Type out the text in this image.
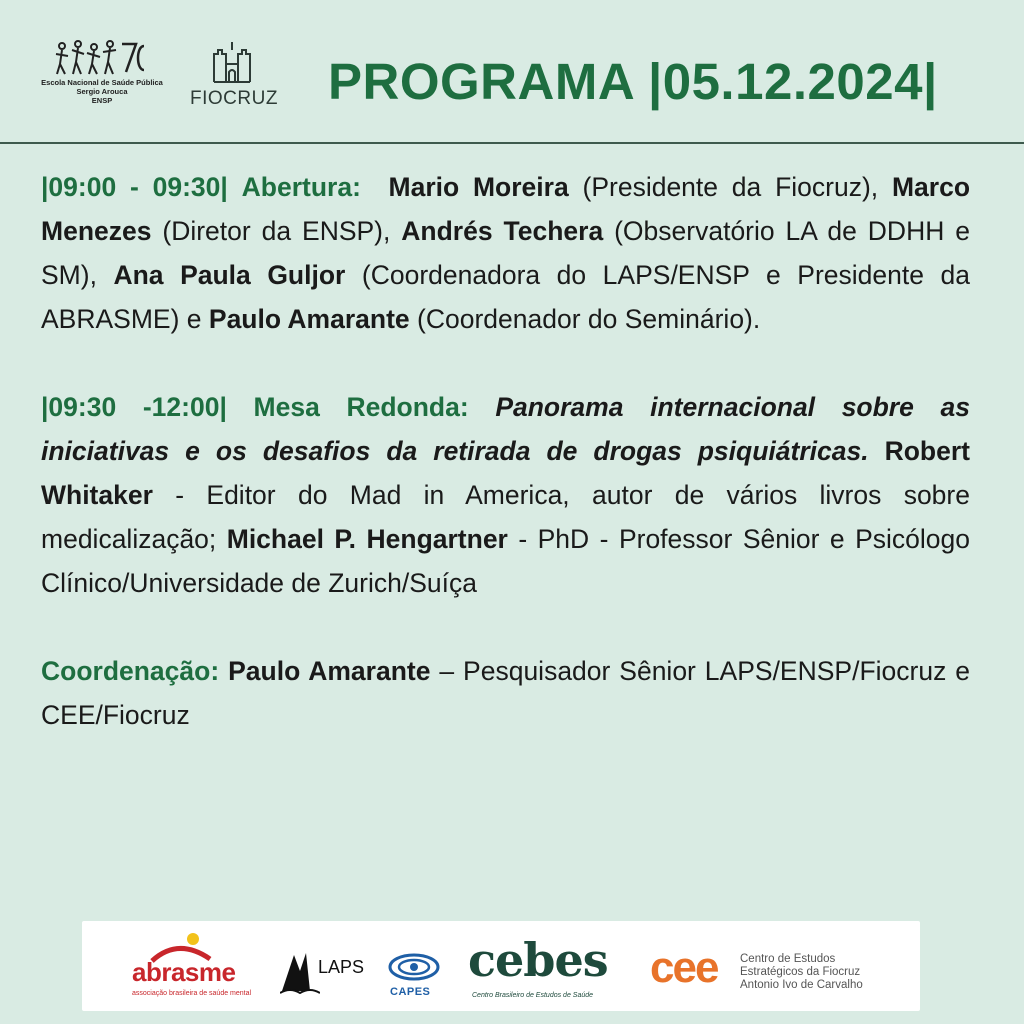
Escola Nacional de Saúde Pública
Sergio Arouca
ENSP	FIOCRUZ PROGRAMA |05.12.2024|

|09:00 - 09:30| Abertura: Mario Moreira (Presidente da Fiocruz), Marco Menezes (Diretor da ENSP), Andrés Techera (Observatório LA de DDHH e SM), Ana Paula Guljor (Coordenadora do LAPS/ENSP e Presidente da ABRASME) e Paulo Amarante (Coordenador do Seminário).

|09:30 -12:00| Mesa Redonda: Panorama internacional sobre as iniciativas e os desafios da retirada de drogas psiquiátricas. Robert Whitaker - Editor do Mad in America, autor de vários livros sobre medicalização; Michael P. Hengartner - PhD - Professor Sênior e Psicólogo Clínico/Universidade de Zurich/Suíça

Coordenação: Paulo Amarante – Pesquisador Sênior LAPS/ENSP/Fiocruz e CEE/Fiocruz

abrasme
associação brasileira de saúde mental
LAPS
CAPES
cebes
Centro Brasileiro de Estudos de Saúde
cee Centro de Estudos
Estratégicos da Fiocruz
Antonio Ivo de Carvalho
